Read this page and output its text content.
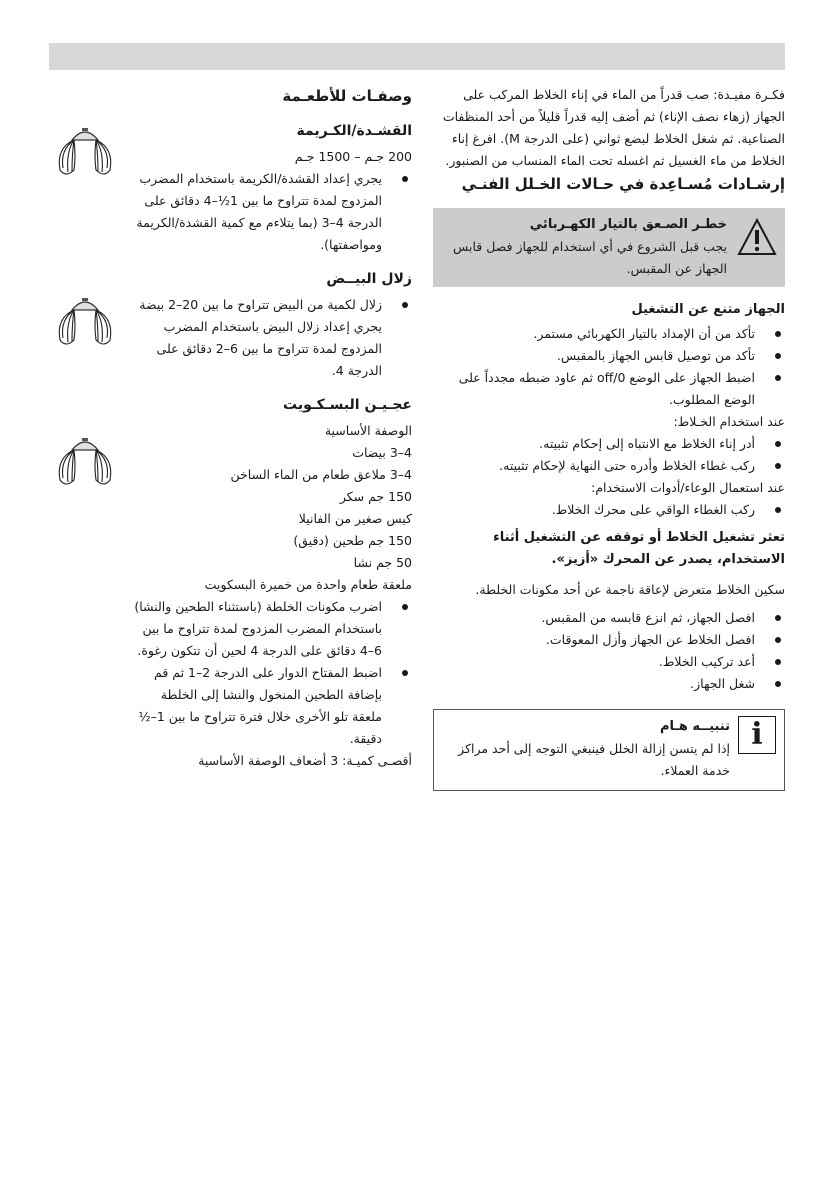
فكـرة مفيـدة: صب قدراً من الماء في إناء الخلاط المركب على الجهاز (زهاء نصف الإناء) ثم أضف إليه قدراً قليلاً من أحد المنظفات الصناعية. ثم شغل الخلاط لبضع ثواني (على الدرجة M). افرغ إناء الخلاط من ماء الغسيل ثم اغسله تحت الماء المنساب من الصنبور.

إرشـادات مُسـاعِدة في حـالات الخـلل الفنـي
خطـر الصـعق بالتيار الكهـربائي
يجب قبل الشروع في أي استخدام للجهاز فصل قابس الجهاز عن المقبس.
الجهاز متنع عن التشغيل
تأكد من أن الإمداد بالتيار الكهربائي مستمر.
تأكد من توصيل قابس الجهاز بالمقبس.
اضبط الجهاز على الوضع 0/off ثم عاود ضبطه مجدداً على الوضع المطلوب.
عند استخدام الخـلاط:
أدر إناء الخلاط مع الانتباه إلى إحكام تثبيته.
ركب غطاء الخلاط وأدره حتى النهاية لإحكام تثبيته.
عند استعمال الوعاء/أدوات الاستخدام:
ركب الغطاء الواقي على محرك الخلاط.
تعثر تشغيل الخلاط أو توقفه عن التشغيل أثناء الاستخدام، يصدر عن المحرك «أزيز».

سكين الخلاط متعرض لإعاقة ناجمة عن أحد مكونات الخلطة.

افصل الجهاز، ثم انزع قابسه من المقبس.
افصل الخلاط عن الجهاز وأزل المعوقات.
أعد تركيب الخلاط.
شغل الجهاز.
i
تنبيــه هـام
إذا لم يتسن إزالة الخلل فينبغي التوجه إلى أحد مراكز خدمة العملاء.
وصفـات للأطعـمة
القشـدة/الكـريمة
200 جـم – 1500 جـم
يجري إعداد القشدة/الكريمة باستخدام المضرب المزدوج لمدة تتراوح ما بين 1½–4 دقائق على الدرجة 4–3 (بما يتلاءم مع كمية القشدة/الكريمة ومواصفتها).
زلال البيــض
زلال لكمية من البيض تتراوح ما بين 20–2 بيضة يجري إعداد زلال البيض باستخدام المضرب المزدوج لمدة تتراوح ما بين 6–2 دقائق على الدرجة 4.
عجـيـن البسـكـويت
الوصفة الأساسية
4–3 بيضات
4–3 ملاعق طعام من الماء الساخن
150 جم سكر
كيس صغير من الفانيلا
150 جم طحين (دقيق)
50 جم نشا
ملعقة طعام واحدة من خميرة البسكويت
اضرب مكونات الخلطة (باستثناء الطحين والنشا) باستخدام المضرب المزدوج لمدة تتراوح ما بين 6–4 دقائق على الدرجة 4 لحين أن تتكون رغوة.
اضبط المفتاح الدوار على الدرجة 2–1 ثم قم بإضافة الطحين المنخول والنشا إلى الخلطة ملعقة تلو الأخرى خلال فترة تتراوح ما بين 1–½ دقيقة.
أقصـى كميـة: 3 أضعاف الوصفة الأساسية
